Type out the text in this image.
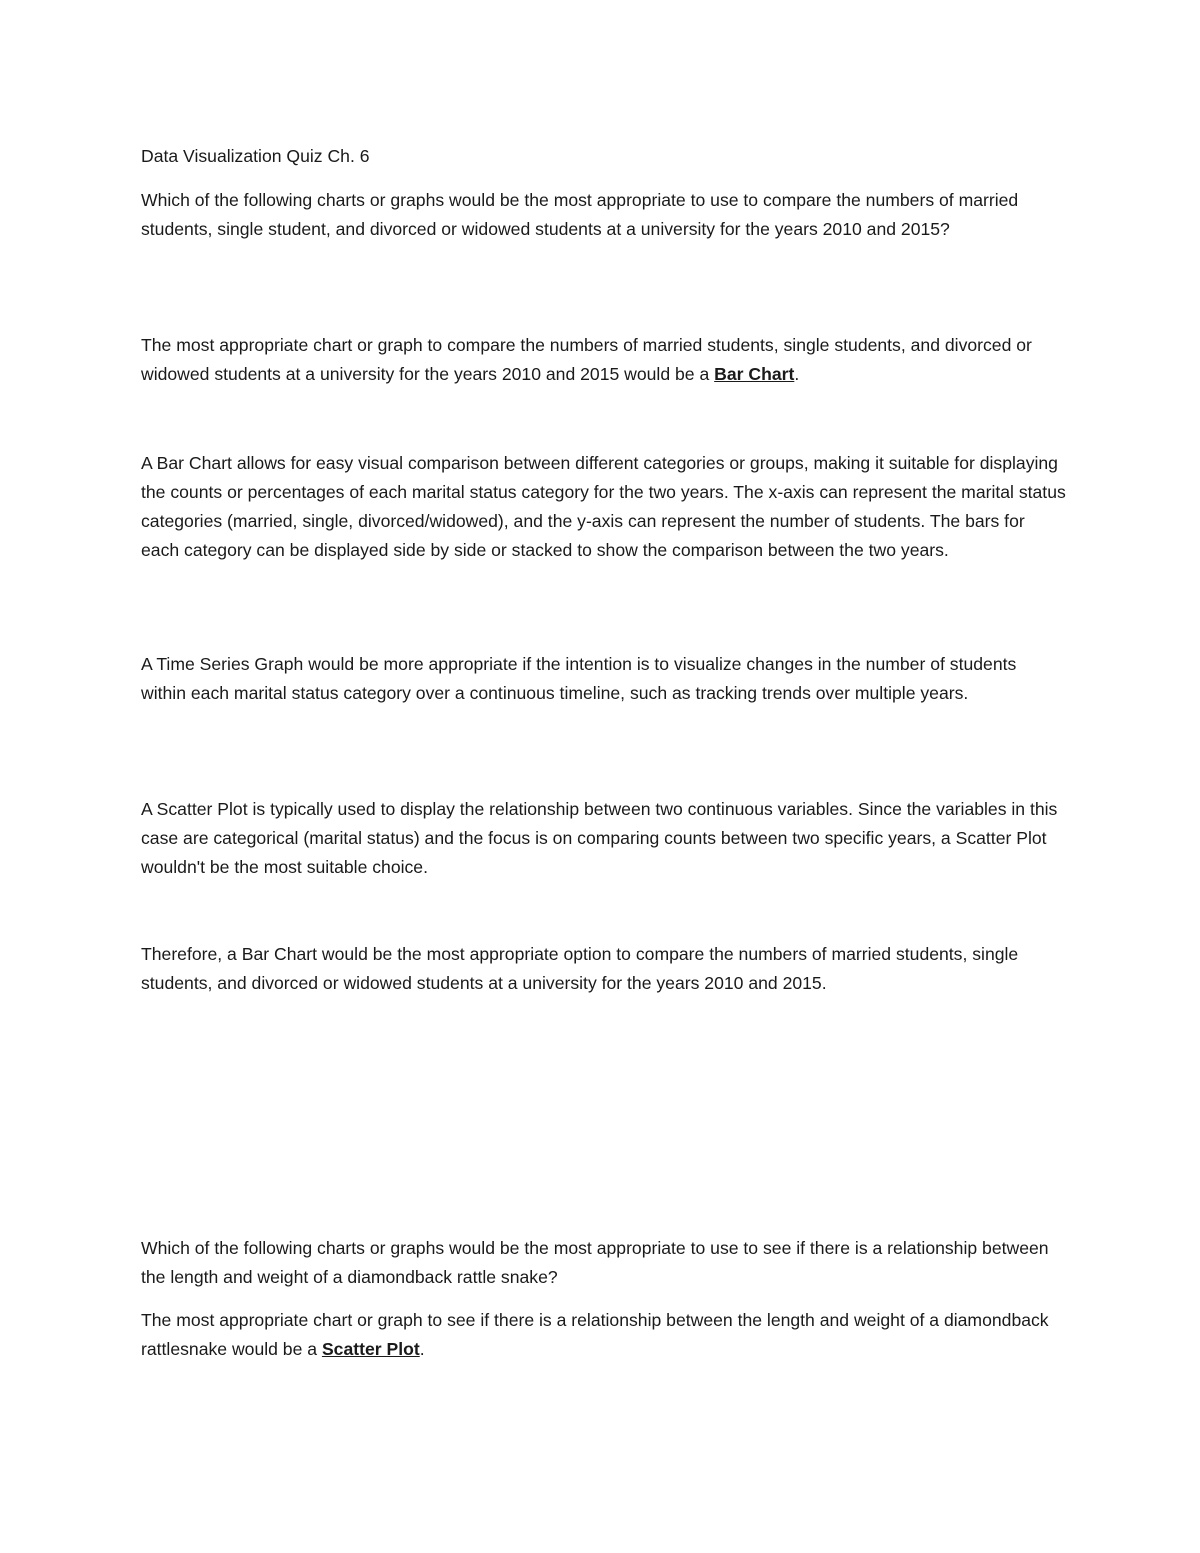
Data Visualization Quiz Ch. 6

Which of the following charts or graphs would be the most appropriate to use to compare the numbers of married students, single student, and divorced or widowed students at a university for the years 2010 and 2015?

The most appropriate chart or graph to compare the numbers of married students, single students, and divorced or widowed students at a university for the years 2010 and 2015 would be a Bar Chart.

A Bar Chart allows for easy visual comparison between different categories or groups, making it suitable for displaying the counts or percentages of each marital status category for the two years. The x-axis can represent the marital status categories (married, single, divorced/widowed), and the y-axis can represent the number of students. The bars for each category can be displayed side by side or stacked to show the comparison between the two years.

A Time Series Graph would be more appropriate if the intention is to visualize changes in the number of students within each marital status category over a continuous timeline, such as tracking trends over multiple years.

A Scatter Plot is typically used to display the relationship between two continuous variables. Since the variables in this case are categorical (marital status) and the focus is on comparing counts between two specific years, a Scatter Plot wouldn't be the most suitable choice.

Therefore, a Bar Chart would be the most appropriate option to compare the numbers of married students, single students, and divorced or widowed students at a university for the years 2010 and 2015.

Which of the following charts or graphs would be the most appropriate to use to see if there is a relationship between the length and weight of a diamondback rattle snake?

The most appropriate chart or graph to see if there is a relationship between the length and weight of a diamondback rattlesnake would be a Scatter Plot.
